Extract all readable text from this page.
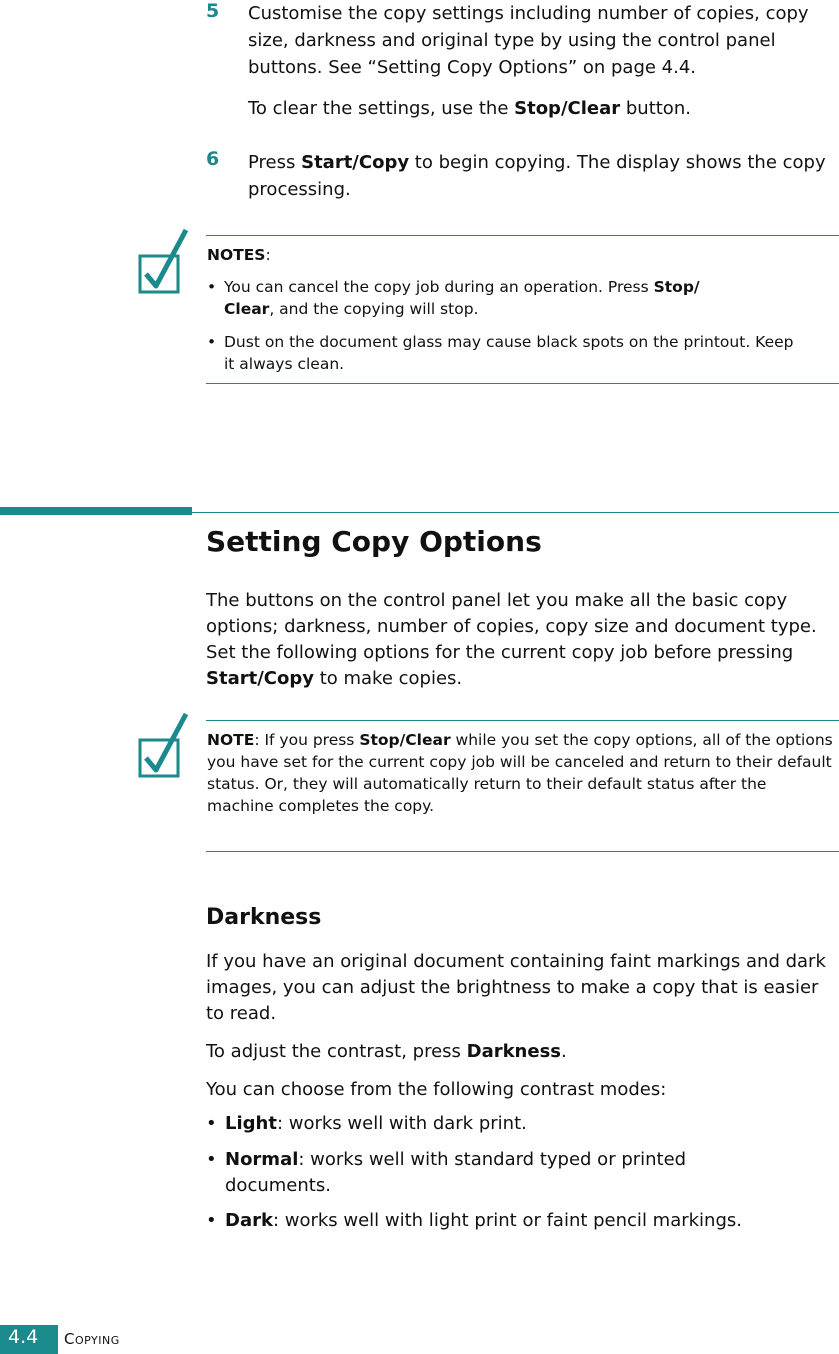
5 Customise the copy settings including number of copies, copy size, darkness and original type by using the control panel buttons. See “Setting Copy Options” on page 4.4.
To clear the settings, use the Stop/Clear button.
6 Press Start/Copy to begin copying. The display shows the copy processing.
NOTES:
• You can cancel the copy job during an operation. Press Stop/
Clear, and the copying will stop.
• Dust on the document glass may cause black spots on the printout. Keep it always clean.
Setting Copy Options
The buttons on the control panel let you make all the basic copy options; darkness, number of copies, copy size and document type. Set the following options for the current copy job before pressing Start/Copy to make copies.
NOTE: If you press Stop/Clear while you set the copy options, all of the options you have set for the current copy job will be canceled and return to their default status. Or, they will automatically return to their default status after the machine completes the copy.
Darkness
If you have an original document containing faint markings and dark images, you can adjust the brightness to make a copy that is easier to read.
To adjust the contrast, press Darkness.
You can choose from the following contrast modes:
• Light: works well with dark print.
• Normal: works well with standard typed or printed documents.
• Dark: works well with light print or faint pencil markings.
4.4 Copying
